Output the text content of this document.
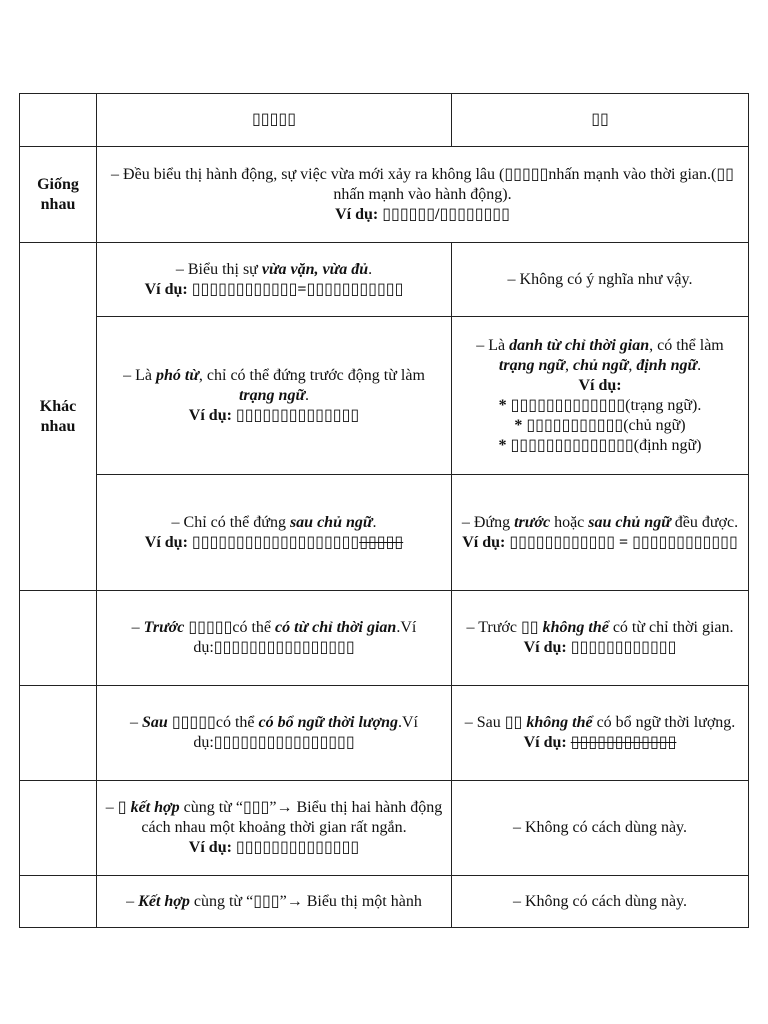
	▯▯▯▯▯	▯▯
Giống nhau	– Đều biểu thị hành động, sự việc vừa mới xảy ra không lâu (▯▯▯▯▯nhấn mạnh vào thời gian.(▯▯ nhấn mạnh vào hành động).
Ví dụ: ▯▯▯▯▯▯/▯▯▯▯▯▯▯▯	

Khác nhau	– Biểu thị sự vừa vặn, vừa đủ.
Ví dụ: ▯▯▯▯▯▯▯▯▯▯▯▯=▯▯▯▯▯▯▯▯▯▯▯	– Không có ý nghĩa như vậy.
	– Là phó từ, chỉ có thể đứng trước động từ làm trạng ngữ.
Ví dụ: ▯▯▯▯▯▯▯▯▯▯▯▯▯▯	– Là danh từ chỉ thời gian, có thể làm trạng ngữ, chủ ngữ, định ngữ.
Ví dụ:
* ▯▯▯▯▯▯▯▯▯▯▯▯▯(trạng ngữ).
* ▯▯▯▯▯▯▯▯▯▯▯(chủ ngữ)
* ▯▯▯▯▯▯▯▯▯▯▯▯▯▯(định ngữ)

	– Chỉ có thể đứng sau chủ ngữ.
Ví dụ: ▯▯▯▯▯▯▯▯▯▯▯▯▯▯▯▯▯▯▯▯▯▯▯▯	– Đứng trước hoặc sau chủ ngữ đều được.
Ví dụ: ▯▯▯▯▯▯▯▯▯▯▯▯ = ▯▯▯▯▯▯▯▯▯▯▯▯

	– Trước ▯▯▯▯▯có thể có từ chỉ thời gian.Ví dụ:▯▯▯▯▯▯▯▯▯▯▯▯▯▯▯▯	– Trước ▯▯ không thể có từ chỉ thời gian.
Ví dụ: ▯▯▯▯▯▯▯▯▯▯▯▯

	– Sau ▯▯▯▯▯có thể có bổ ngữ thời lượng.Ví dụ:▯▯▯▯▯▯▯▯▯▯▯▯▯▯▯▯	– Sau ▯▯ không thể có bổ ngữ thời lượng.
Ví dụ: ▯▯▯▯▯▯▯▯▯▯▯▯

	– ▯ kết hợp cùng từ “▯▯▯”→ Biểu thị hai hành động cách nhau một khoảng thời gian rất ngắn.
Ví dụ: ▯▯▯▯▯▯▯▯▯▯▯▯▯▯	– Không có cách dùng này.
	– Kết hợp cùng từ “▯▯▯”→ Biểu thị một hành	– Không có cách dùng này.
